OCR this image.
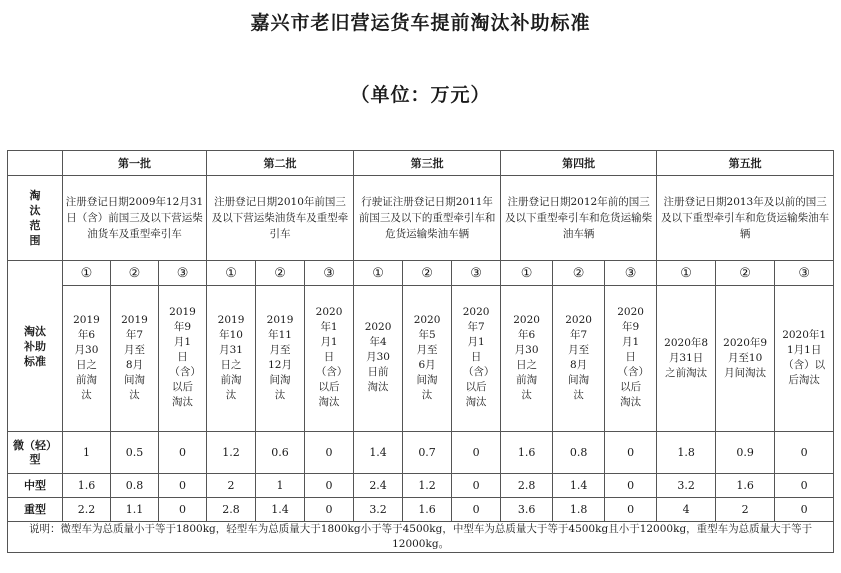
嘉兴市老旧营运货车提前淘汰补助标准
（单位：万元）
	第一批			第二批			第三批			第四批			第五批		
淘汰范围	注册登记日期2009年12月31日（含）前国三及以下营运柴油货车及重型牵引车			注册登记日期2010年前国三及以下营运柴油货车及重型牵引车			行驶证注册登记日期2011年前国三及以下的重型牵引车和危货运输柴油车辆			注册登记日期2012年前的国三及以下重型牵引车和危货运输柴油车辆			注册登记日期2013年及以前的国三及以下重型牵引车和危货运输柴油车辆		
淘汰补助标准	①	②	③	①	②	③	①	②	③	①	②	③	①	②	③
	2019年6月30日之前淘汰	2019年7月至8月间淘汰	2019年9月1日（含）以后淘汰	2019年10月31日之前淘汰	2019年11月至12月间淘汰	2020年1月1日（含）以后淘汰	2020年4月30日前淘汰	2020年5月至6月间淘汰	2020年7月1日（含）以后淘汰	2020年6月30日之前淘汰	2020年7月至8月间淘汰	2020年9月1日（含）以后淘汰	2020年8月31日之前淘汰	2020年9月至10月间淘汰	2020年11月1日（含）以后淘汰
微（轻）型	1	0.5	0	1.2	0.6	0	1.4	0.7	0	1.6	0.8	0	1.8	0.9	0
中型	1.6	0.8	0	2	1	0	2.4	1.2	0	2.8	1.4	0	3.2	1.6	0
重型	2.2	1.1	0	2.8	1.4	0	3.2	1.6	0	3.6	1.8	0	4	2	0
说明：微型车为总质量小于等于1800kg，轻型车为总质量大于1800kg小于等于4500kg，中型车为总质量大于等于4500kg且小于12000kg，重型车为总质量大于等于12000kg。															
